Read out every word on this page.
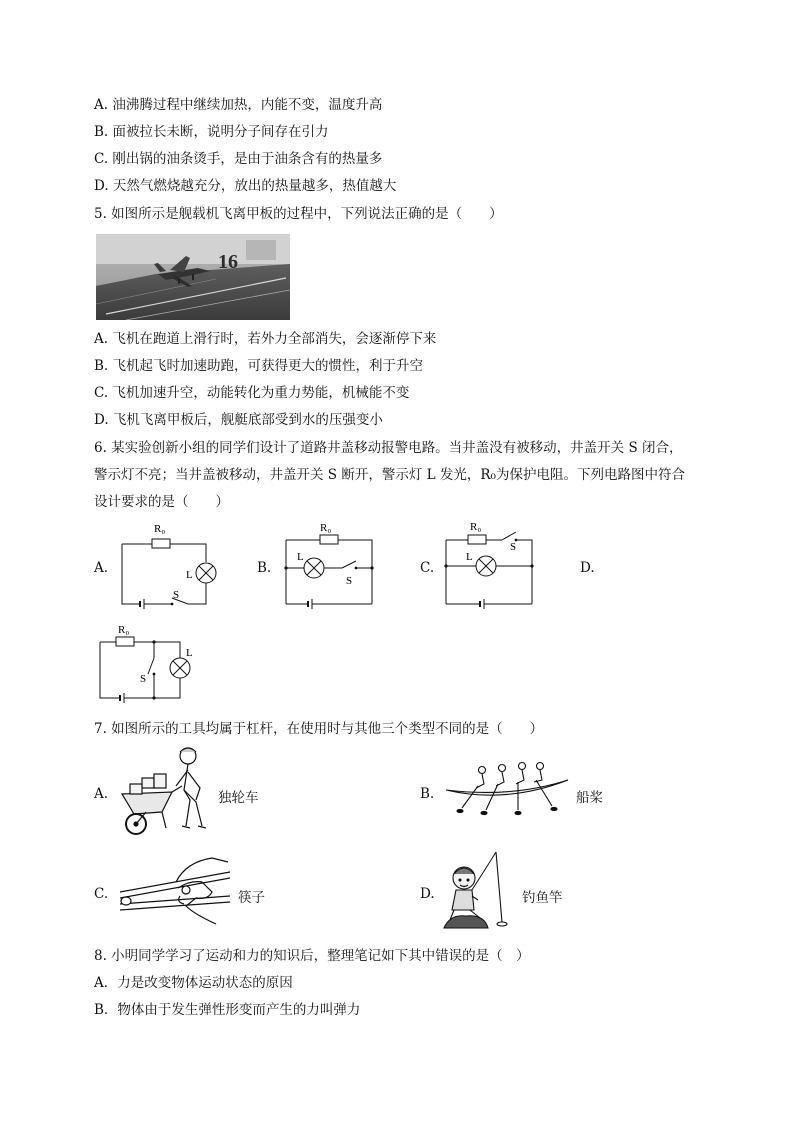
A. 油沸腾过程中继续加热，内能不变，温度升高
B. 面被拉长未断，说明分子间存在引力
C. 刚出锅的油条烫手，是由于油条含有的热量多
D. 天然气燃烧越充分，放出的热量越多，热值越大
5. 如图所示是舰载机飞离甲板的过程中，下列说法正确的是（　　）
16
A. 飞机在跑道上滑行时，若外力全部消失，会逐渐停下来
B. 飞机起飞时加速助跑，可获得更大的惯性，利于升空
C. 飞机加速升空，动能转化为重力势能，机械能不变
D. 飞机飞离甲板后，舰艇底部受到水的压强变小
6. 某实验创新小组的同学们设计了道路井盖移动报警电路。当井盖没有被移动，井盖开关 S 闭合，
警示灯不亮；当井盖被移动，井盖开关 S 断开，警示灯 L 发光，R₀为保护电阻。下列电路图中符合
设计要求的是（　　）
A.
R₀
L
S
B.
R₀
L
S
C.
R₀
S
L
D.
R₀
S
L
7. 如图所示的工具均属于杠杆，在使用时与其他三个类型不同的是（　　）
A.	独轮车	B.	船桨
C.	筷子	D.	钓鱼竿
8. 小明同学学习了运动和力的知识后，整理笔记如下其中错误的是（　）
A．力是改变物体运动状态的原因
B．物体由于发生弹性形变而产生的力叫弹力
